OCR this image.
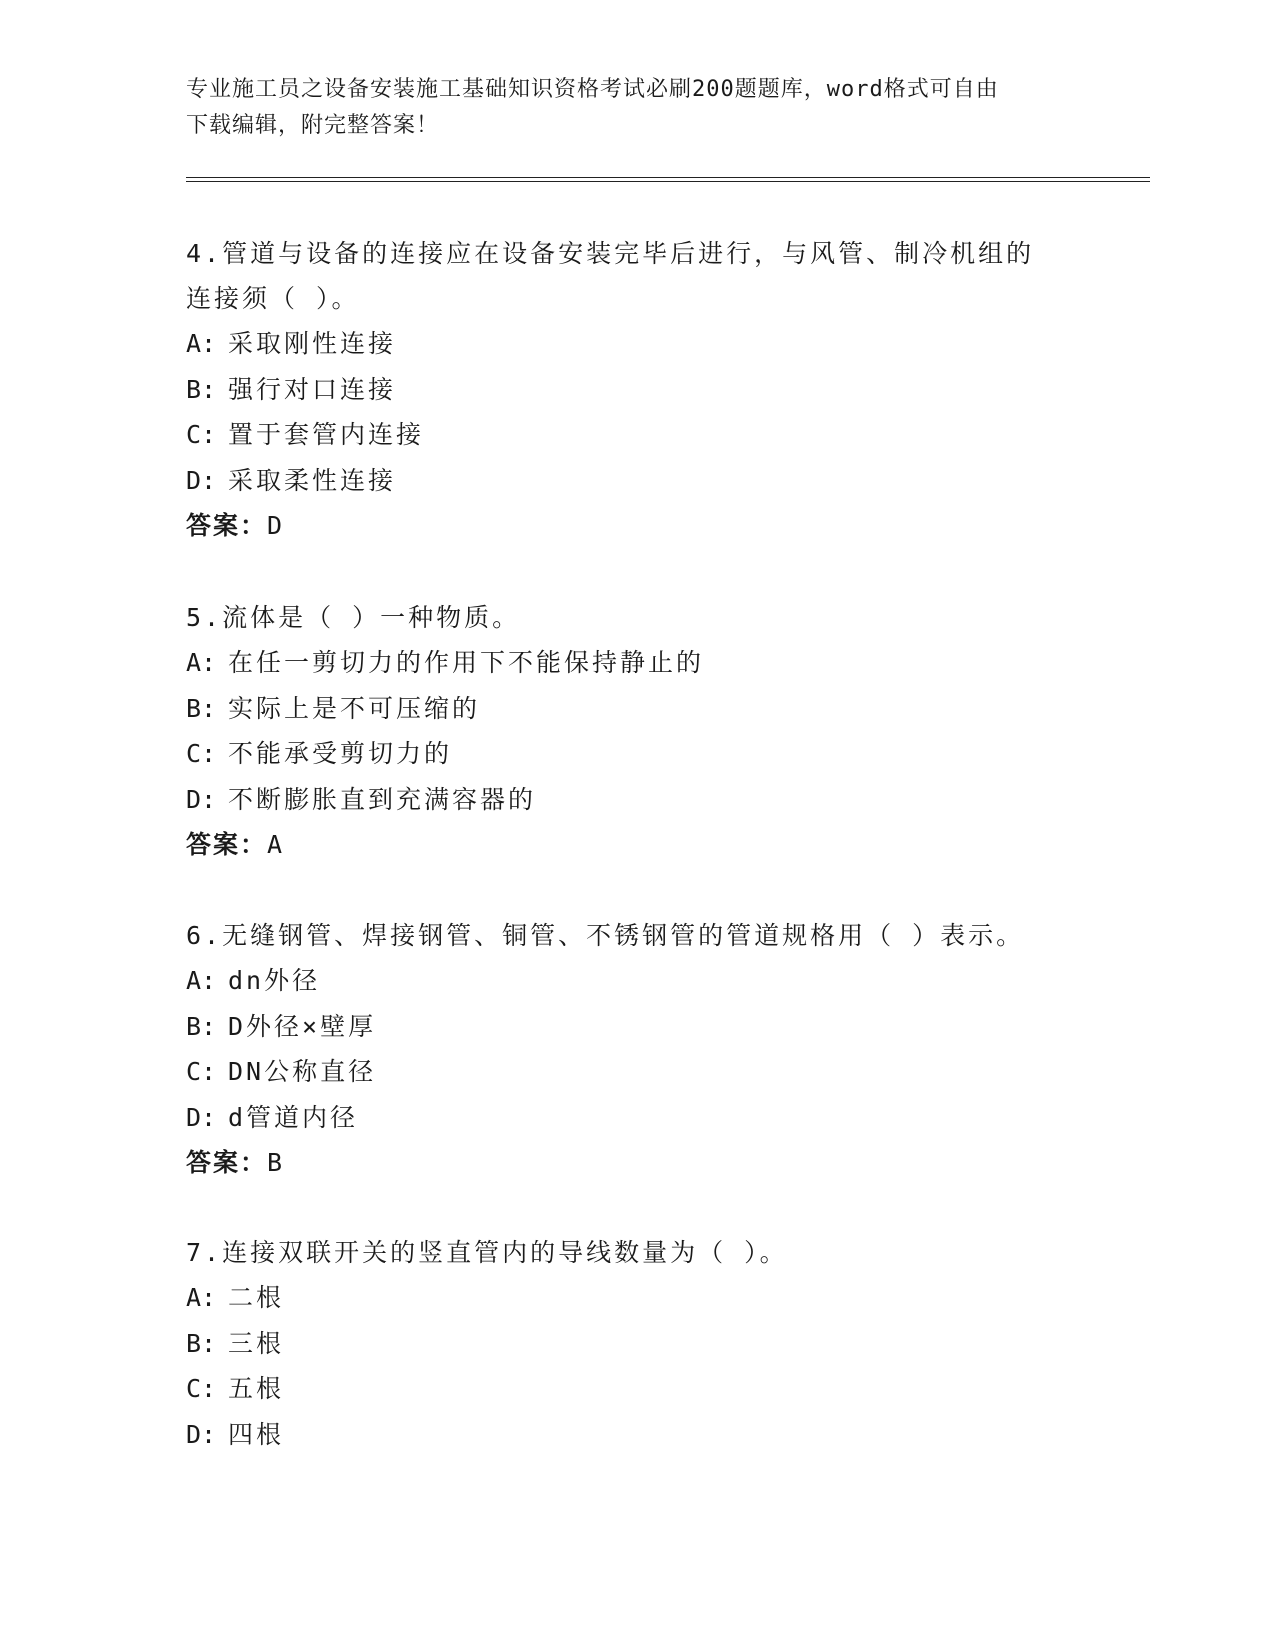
专业施工员之设备安装施工基础知识资格考试必刷200题题库，word格式可自由
下载编辑，附完整答案！
4.管道与设备的连接应在设备安装完毕后进行，与风管、制冷机组的
连接须（ ）。
A: 采取刚性连接
B: 强行对口连接
C: 置于套管内连接
D: 采取柔性连接
答案：D
5.流体是（ ）一种物质。
A: 在任一剪切力的作用下不能保持静止的
B: 实际上是不可压缩的
C: 不能承受剪切力的
D: 不断膨胀直到充满容器的
答案：A
6.无缝钢管、焊接钢管、铜管、不锈钢管的管道规格用（ ）表示。
A: dn外径
B: D外径×壁厚
C: DN公称直径
D: d管道内径
答案：B
7.连接双联开关的竖直管内的导线数量为（ ）。
A: 二根
B: 三根
C: 五根
D: 四根
